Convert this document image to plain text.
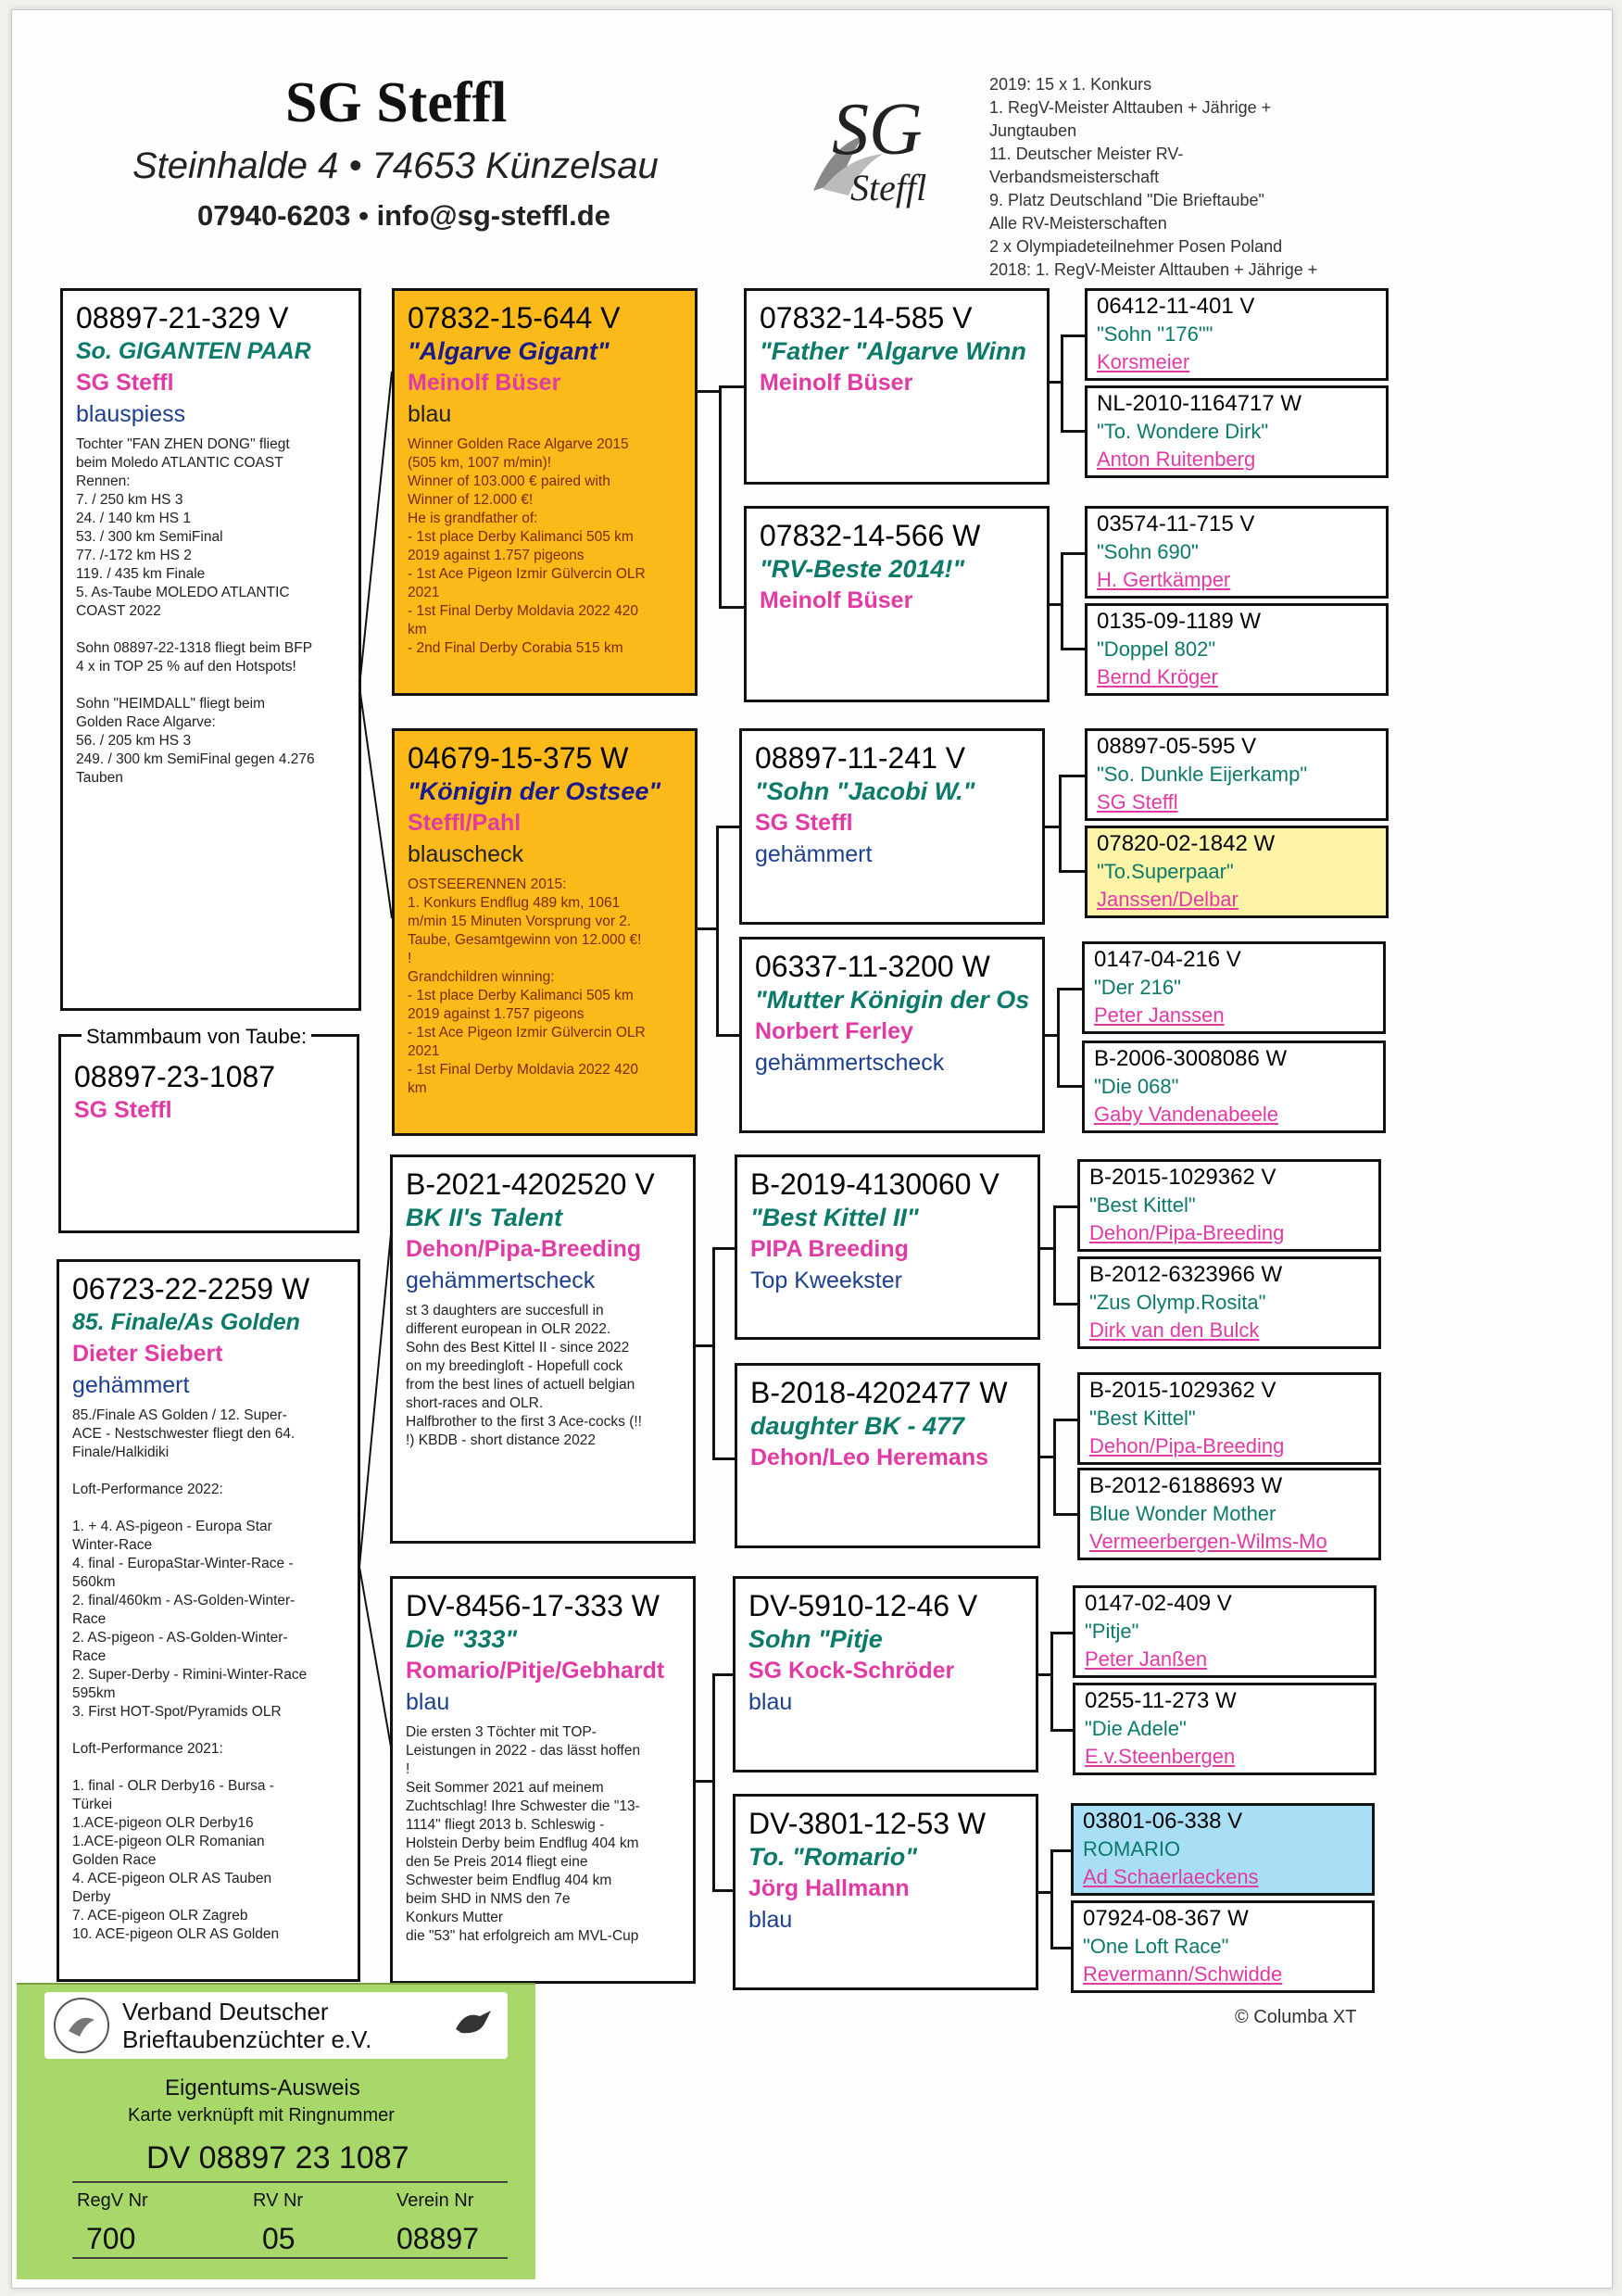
SG Steffl
Steinhalde 4 • 74653 Künzelsau
07940-6203 • info@sg-steffl.de
SG
Steffl
2019: 15 x 1. Konkurs
1. RegV-Meister Alttauben + Jährige +
Jungtauben
11. Deutscher Meister RV-
Verbandsmeisterschaft
9. Platz Deutschland "Die Brieftaube"
Alle RV-Meisterschaften
2 x Olympiadeteilnehmer Posen Poland
2018: 1. RegV-Meister Alttauben + Jährige +
08897-21-329 V
So. GIGANTEN PAAR
SG Steffl
blauspiess
Tochter "FAN ZHEN DONG" fliegt
beim Moledo ATLANTIC COAST
Rennen:
7. / 250 km HS 3
24. / 140 km HS 1
53. / 300 km SemiFinal
77. /-172 km HS 2
119. / 435 km Finale
5. As-Taube MOLEDO ATLANTIC
COAST 2022

Sohn 08897-22-1318 fliegt beim BFP
4 x in TOP 25 % auf den Hotspots!

Sohn "HEIMDALL" fliegt beim
Golden Race Algarve:
56. / 205 km HS 3
249. / 300 km SemiFinal gegen 4.276
Tauben
08897-23-1087
SG Steffl
Stammbaum von Taube:
06723-22-2259 W
85. Finale/As Golden
Dieter Siebert
gehämmert
85./Finale AS Golden / 12. Super-
ACE - Nestschwester fliegt den 64.
Finale/Halkidiki

Loft-Performance 2022:

1. + 4. AS-pigeon - Europa Star
Winter-Race
4. final - EuropaStar-Winter-Race -
560km
2. final/460km - AS-Golden-Winter-
Race
2. AS-pigeon - AS-Golden-Winter-
Race
2. Super-Derby - Rimini-Winter-Race
595km
3. First HOT-Spot/Pyramids OLR

Loft-Performance 2021:

1. final - OLR Derby16 - Bursa -
Türkei
1.ACE-pigeon OLR Derby16
1.ACE-pigeon OLR Romanian
Golden Race
4. ACE-pigeon OLR AS Tauben
Derby
7. ACE-pigeon OLR Zagreb
10. ACE-pigeon OLR AS Golden
07832-15-644 V
"Algarve Gigant"
Meinolf Büser
blau
Winner Golden Race Algarve 2015
(505 km, 1007 m/min)!
Winner of 103.000 € paired with
Winner of 12.000 €!
He is grandfather of:
- 1st place Derby Kalimanci 505 km
2019 against 1.757 pigeons
- 1st Ace Pigeon Izmir Gülvercin OLR
2021
- 1st Final Derby Moldavia 2022 420
km
- 2nd Final Derby Corabia 515 km
04679-15-375 W
"Königin der Ostsee"
Steffl/Pahl
blauscheck
OSTSEERENNEN 2015:
1. Konkurs Endflug 489 km, 1061
m/min 15 Minuten Vorsprung vor 2.
Taube, Gesamtgewinn von 12.000 €!
!
Grandchildren winning:
- 1st place Derby Kalimanci 505 km
2019 against 1.757 pigeons
- 1st Ace Pigeon Izmir Gülvercin OLR
2021
- 1st Final Derby Moldavia 2022 420
km
B-2021-4202520 V
BK II's Talent
Dehon/Pipa-Breeding
gehämmertscheck
st 3 daughters are succesfull in
different european in OLR 2022.
Sohn des Best Kittel II - since 2022
on my breedingloft - Hopefull cock
from the best lines of actuell belgian
short-races and OLR.
Halfbrother to the first 3 Ace-cocks (!!
!) KBDB - short distance 2022
DV-8456-17-333 W
Die "333"
Romario/Pitje/Gebhardt
blau
Die ersten 3 Töchter mit TOP-
Leistungen in 2022 - das lässt hoffen
!
Seit Sommer 2021 auf meinem
Zuchtschlag! Ihre Schwester die "13-
1114" fliegt 2013 b. Schleswig -
Holstein Derby beim Endflug 404 km
den 5e Preis 2014 fliegt eine
Schwester beim Endflug 404 km
beim SHD in NMS den 7e
Konkurs Mutter
die "53" hat erfolgreich am MVL-Cup
07832-14-585 V
"Father "Algarve Winn
Meinolf Büser
07832-14-566 W
"RV-Beste 2014!"
Meinolf Büser
08897-11-241 V
"Sohn "Jacobi W."
SG Steffl
gehämmert
06337-11-3200 W
"Mutter Königin der Os
Norbert Ferley
gehämmertscheck
B-2019-4130060 V
"Best Kittel II"
PIPA Breeding
Top Kweekster
B-2018-4202477 W
daughter BK - 477
Dehon/Leo Heremans
DV-5910-12-46 V
Sohn "Pitje
SG Kock-Schröder
blau
DV-3801-12-53 W
To. "Romario"
Jörg Hallmann
blau
06412-11-401 V
"Sohn "176""
Korsmeier
NL-2010-1164717 W
"To. Wondere Dirk"
Anton Ruitenberg
03574-11-715 V
"Sohn 690"
H. Gertkämper
0135-09-1189 W
"Doppel 802"
Bernd Kröger
08897-05-595 V
"So. Dunkle Eijerkamp"
SG Steffl
07820-02-1842 W
"To.Superpaar"
Janssen/Delbar
0147-04-216 V
"Der 216"
Peter Janssen
B-2006-3008086 W
"Die 068"
Gaby Vandenabeele
B-2015-1029362 V
"Best Kittel"
Dehon/Pipa-Breeding
B-2012-6323966 W
"Zus Olymp.Rosita"
Dirk van den Bulck
B-2015-1029362 V
"Best Kittel"
Dehon/Pipa-Breeding
B-2012-6188693 W
Blue Wonder Mother
Vermeerbergen-Wilms-Mo
0147-02-409 V
"Pitje"
Peter Janßen
0255-11-273 W
"Die Adele"
E.v.Steenbergen
03801-06-338 V
ROMARIO
Ad Schaerlaeckens
07924-08-367 W
"One Loft Race"
Revermann/Schwidde
© Columba XT
Verband Deutscher
Brieftaubenzüchter e.V.
Eigentums-Ausweis
Karte verknüpft mit Ringnummer
DV 08897 23 1087
RegV Nr	RV Nr	Verein Nr
700	05	08897
